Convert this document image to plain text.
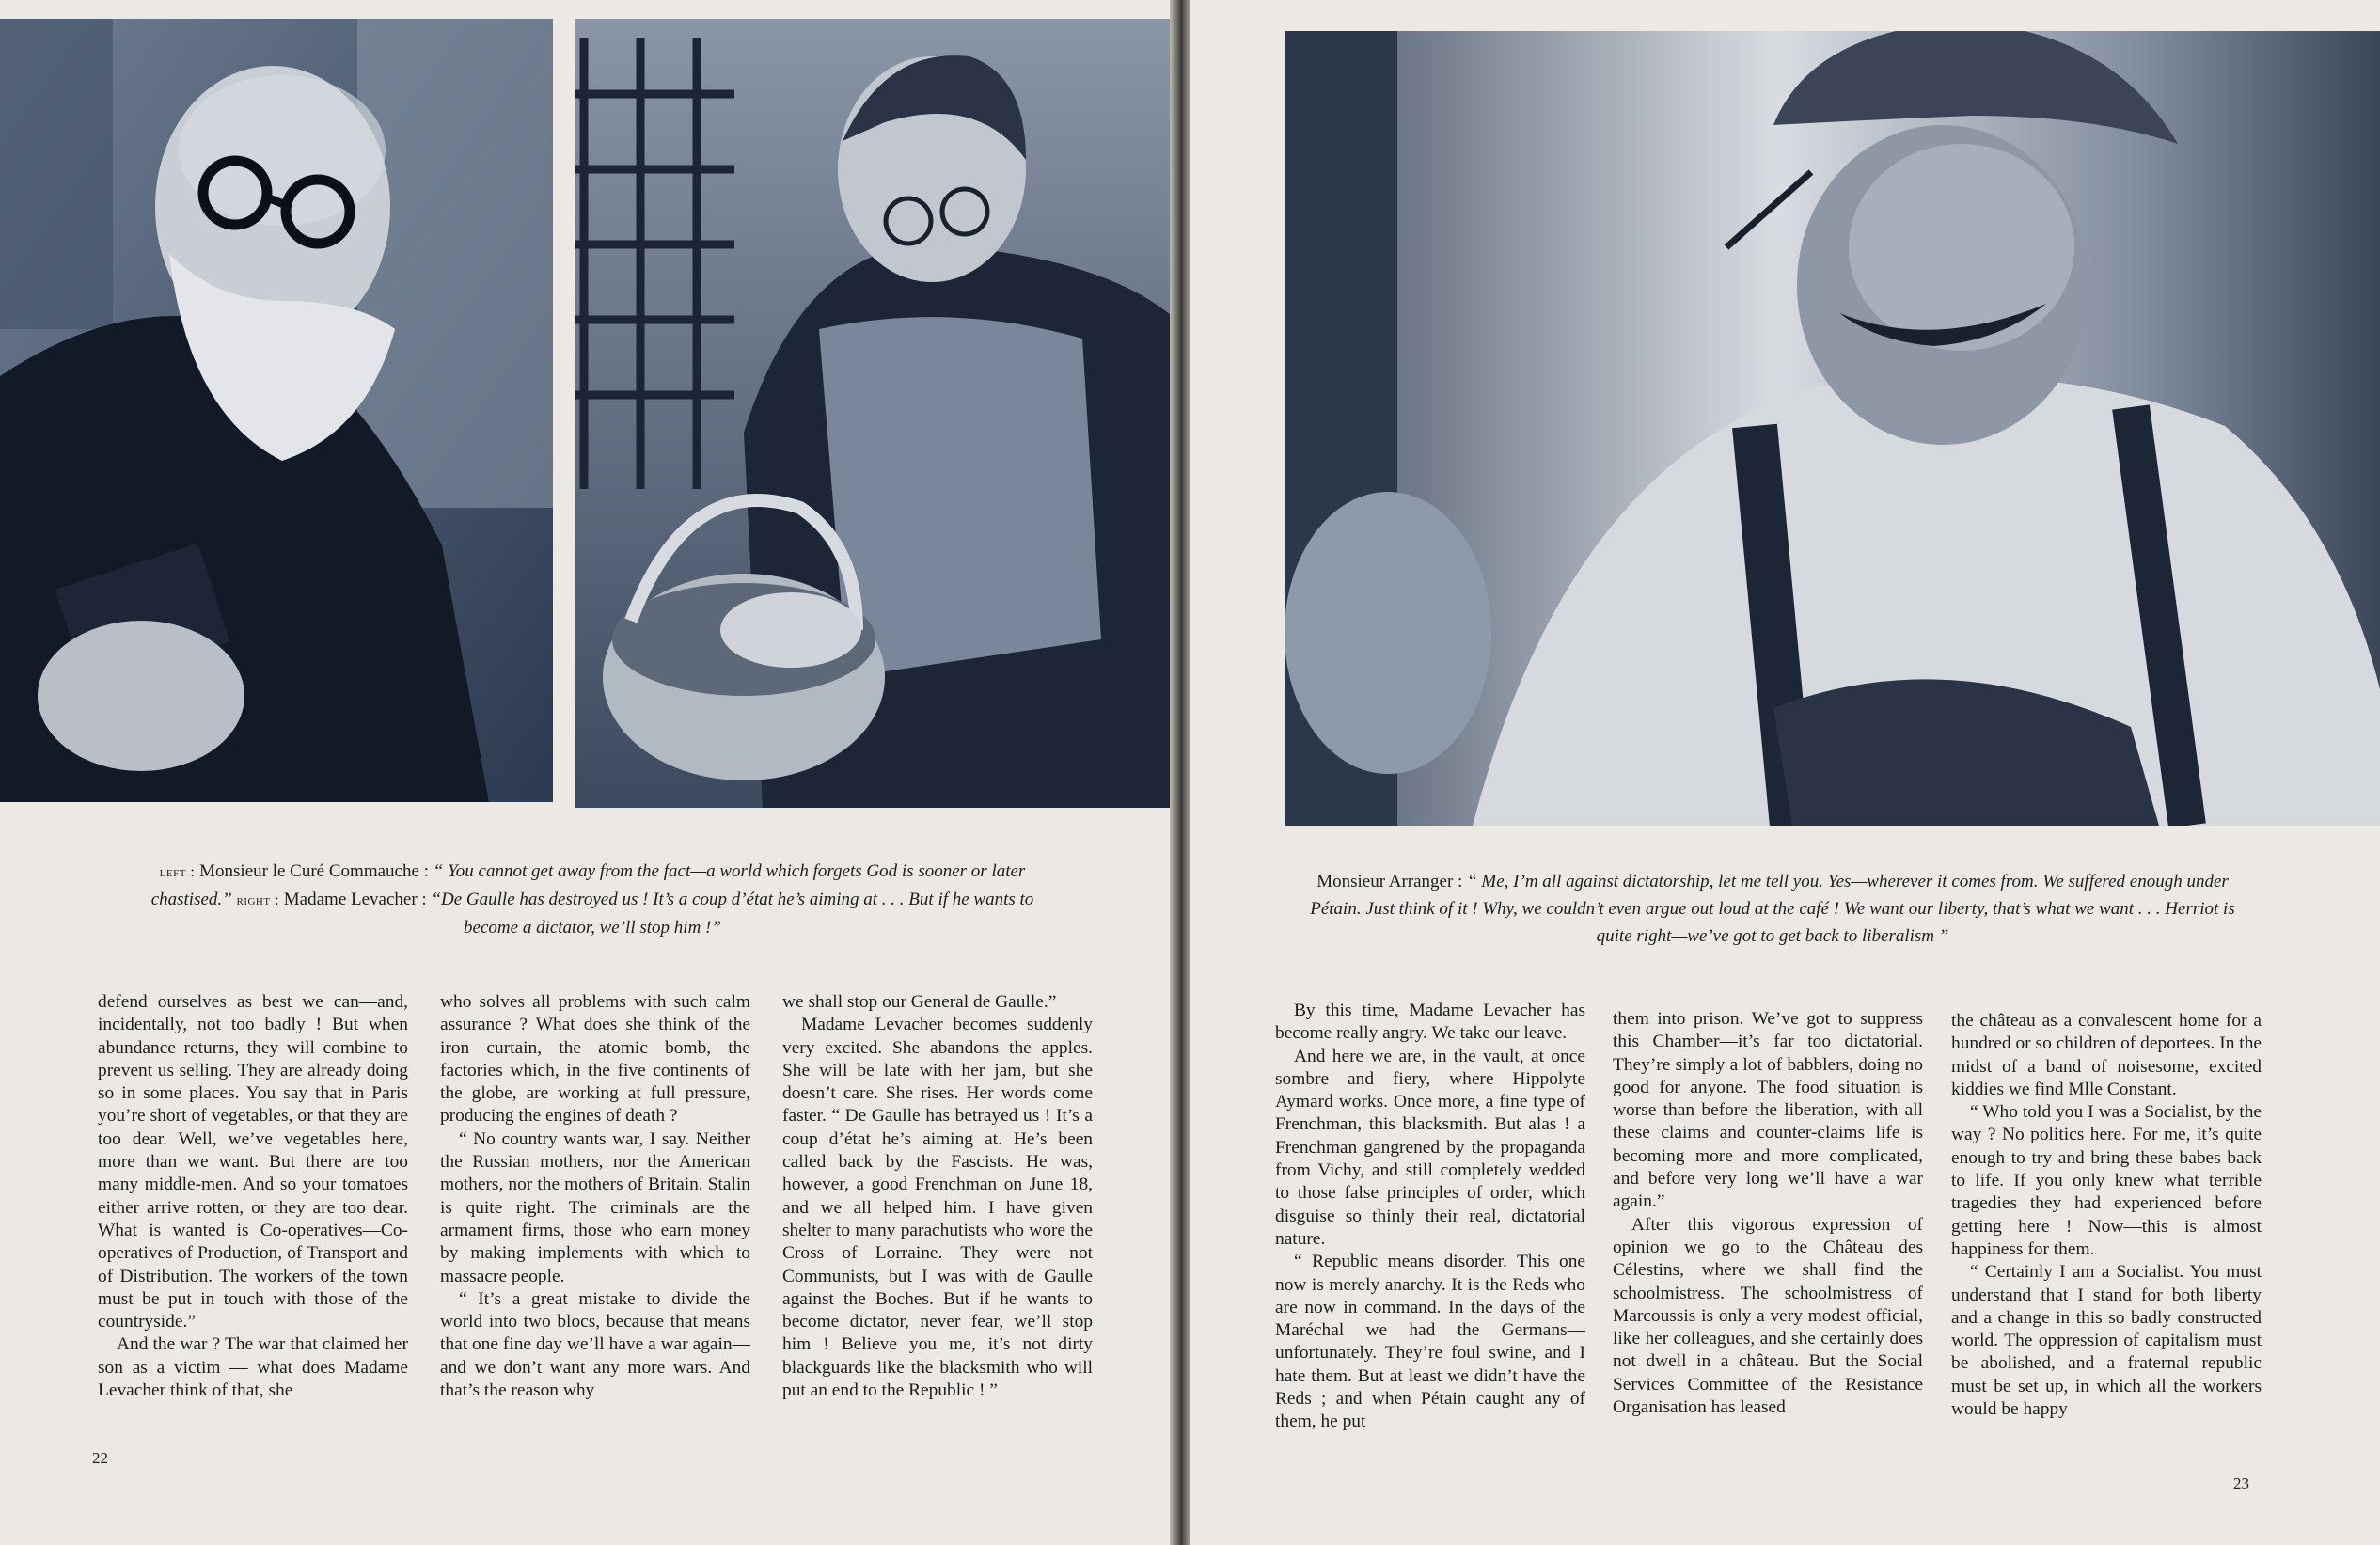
left : Monsieur le Curé Commauche : “ You cannot get away from the fact—a world which forgets God is sooner or later chastised.” right : Madame Levacher : “De Gaulle has destroyed us ! It’s a coup d’état he’s aiming at . . . But if he wants to become a dictator, we’ll stop him !”

defend ourselves as best we can—and, incidentally, not too badly ! But when abundance returns, they will combine to prevent us selling. They are already doing so in some places. You say that in Paris you’re short of vegetables, or that they are too dear. Well, we’ve vegetables here, more than we want. But there are too many middle-men. And so your tomatoes either arrive rotten, or they are too dear. What is wanted is Co-operatives—Co-operatives of Production, of Transport and of Distribution. The workers of the town must be put in touch with those of the countryside.”

And the war ? The war that claimed her son as a victim — what does Madame Levacher think of that, she

who solves all problems with such calm assurance ? What does she think of the iron curtain, the atomic bomb, the factories which, in the five continents of the globe, are working at full pressure, producing the engines of death ?

“ No country wants war, I say. Neither the Russian mothers, nor the American mothers, nor the mothers of Britain. Stalin is quite right. The criminals are the armament firms, those who earn money by making implements with which to massacre people.

“ It’s a great mistake to divide the world into two blocs, because that means that one fine day we’ll have a war again—and we don’t want any more wars. And that’s the reason why

we shall stop our General de Gaulle.”

Madame Levacher becomes suddenly very excited. She abandons the apples. She will be late with her jam, but she doesn’t care. She rises. Her words come faster. “ De Gaulle has betrayed us ! It’s a coup d’état he’s aiming at. He’s been called back by the Fascists. He was, however, a good Frenchman on June 18, and we all helped him. I have given shelter to many parachutists who wore the Cross of Lorraine. They were not Communists, but I was with de Gaulle against the Boches. But if he wants to become dictator, never fear, we’ll stop him ! Believe you me, it’s not dirty blackguards like the blacksmith who will put an end to the Republic ! ”

22
Monsieur Arranger : “ Me, I’m all against dictatorship, let me tell you. Yes—wherever it comes from. We suffered enough under Pétain. Just think of it ! Why, we couldn’t even argue out loud at the café ! We want our liberty, that’s what we want . . . Herriot is quite right—we’ve got to get back to liberalism ”

By this time, Madame Levacher has become really angry. We take our leave.

And here we are, in the vault, at once sombre and fiery, where Hippolyte Aymard works. Once more, a fine type of Frenchman, this blacksmith. But alas ! a Frenchman gangrened by the propaganda from Vichy, and still completely wedded to those false principles of order, which disguise so thinly their real, dictatorial nature.

“ Republic means disorder. This one now is merely anarchy. It is the Reds who are now in command. In the days of the Maréchal we had the Germans—unfortunately. They’re foul swine, and I hate them. But at least we didn’t have the Reds ; and when Pétain caught any of them, he put

them into prison. We’ve got to suppress this Chamber—it’s far too dictatorial. They’re simply a lot of babblers, doing no good for anyone. The food situation is worse than before the liberation, with all these claims and counter-claims life is becoming more and more complicated, and before very long we’ll have a war again.”

After this vigorous expression of opinion we go to the Château des Célestins, where we shall find the schoolmistress. The schoolmistress of Marcoussis is only a very modest official, like her colleagues, and she certainly does not dwell in a château. But the Social Services Committee of the Resistance Organisation has leased

the château as a convalescent home for a hundred or so children of deportees. In the midst of a band of noisesome, excited kiddies we find Mlle Constant.

“ Who told you I was a Socialist, by the way ? No politics here. For me, it’s quite enough to try and bring these babes back to life. If you only knew what terrible tragedies they had experienced before getting here ! Now—this is almost happiness for them.

“ Certainly I am a Socialist. You must understand that I stand for both liberty and a change in this so badly constructed world. The oppression of capitalism must be abolished, and a fraternal republic must be set up, in which all the workers would be happy

23
